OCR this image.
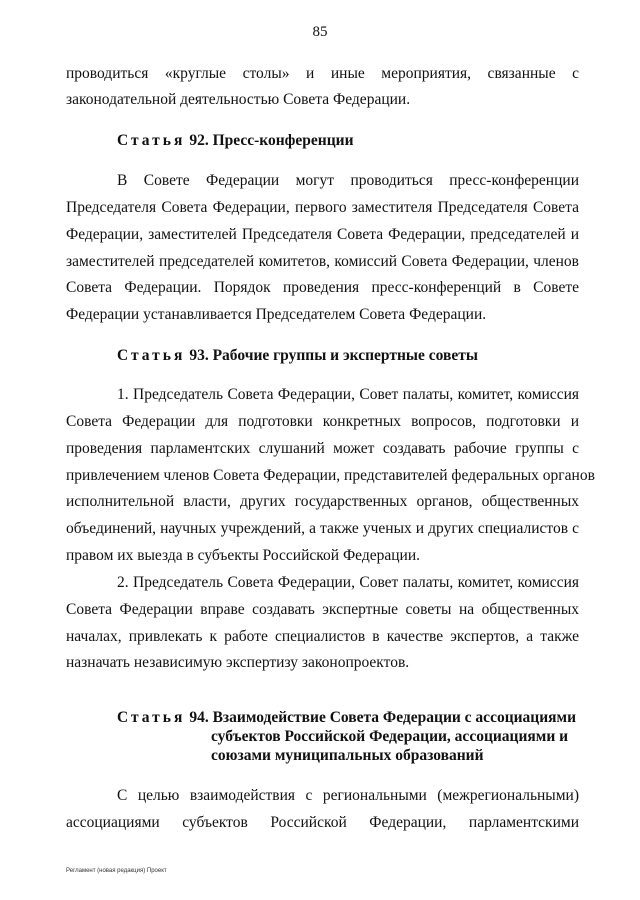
85
проводиться «круглые столы» и иные мероприятия, связанные с
законодательной деятельностью Совета Федерации.
Статья 92. Пресс-конференции
В Совете Федерации могут проводиться пресс-конференции
Председателя Совета Федерации, первого заместителя Председателя Совета
Федерации, заместителей Председателя Совета Федерации, председателей и
заместителей председателей комитетов, комиссий Совета Федерации, членов
Совета Федерации. Порядок проведения пресс-конференций в Совете
Федерации устанавливается Председателем Совета Федерации.
Статья 93. Рабочие группы и экспертные советы
1. Председатель Совета Федерации, Совет палаты, комитет, комиссия
Совета Федерации для подготовки конкретных вопросов, подготовки и
проведения парламентских слушаний может создавать рабочие группы с
привлечением членов Совета Федерации, представителей федеральных органов
исполнительной власти, других государственных органов, общественных
объединений, научных учреждений, а также ученых и других специалистов с
правом их выезда в субъекты Российской Федерации.
2. Председатель Совета Федерации, Совет палаты, комитет, комиссия
Совета Федерации вправе создавать экспертные советы на общественных
началах, привлекать к работе специалистов в качестве экспертов, а также
назначать независимую экспертизу законопроектов.
Статья 94. Взаимодействие Совета Федерации с ассоциациями
субъектов Российской Федерации, ассоциациями и
союзами муниципальных образований
С целью взаимодействия с региональными (межрегиональными)
ассоциациями субъектов Российской Федерации, парламентскими
Регламент (новая редакция) Проект
